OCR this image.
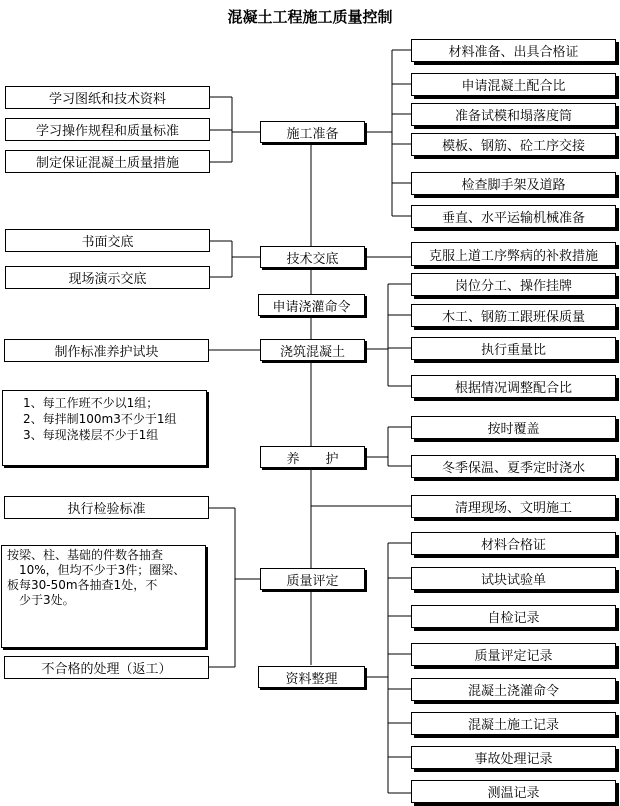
混凝土工程施工质量控制
施工准备
技术交底
申请浇灌命令
浇筑混凝土
养　　护
质量评定
资料整理
学习图纸和技术资料
学习操作规程和质量标准
制定保证混凝土质量措施
书面交底
现场演示交底
制作标准养护试块
1、每工作班不少以1组；
2、每拌制100m3不少于1组
3、每现浇楼层不少于1组
执行检验标准
按梁、柱、基础的件数各抽查
10%，但均不少于3件；圈梁、
板每30-50m各抽查1处，不
少于3处。
不合格的处理（返工）
材料准备、出具合格证
申请混凝土配合比
准备试模和塌落度筒
模板、钢筋、砼工序交接
检查脚手架及道路
垂直、水平运输机械准备
克服上道工序弊病的补救措施
岗位分工、操作挂牌
木工、钢筋工跟班保质量
执行重量比
根据情况调整配合比
按时覆盖
冬季保温、夏季定时浇水
清理现场、文明施工
材料合格证
试块试验单
自检记录
质量评定记录
混凝土浇灌命令
混凝土施工记录
事故处理记录
测温记录
